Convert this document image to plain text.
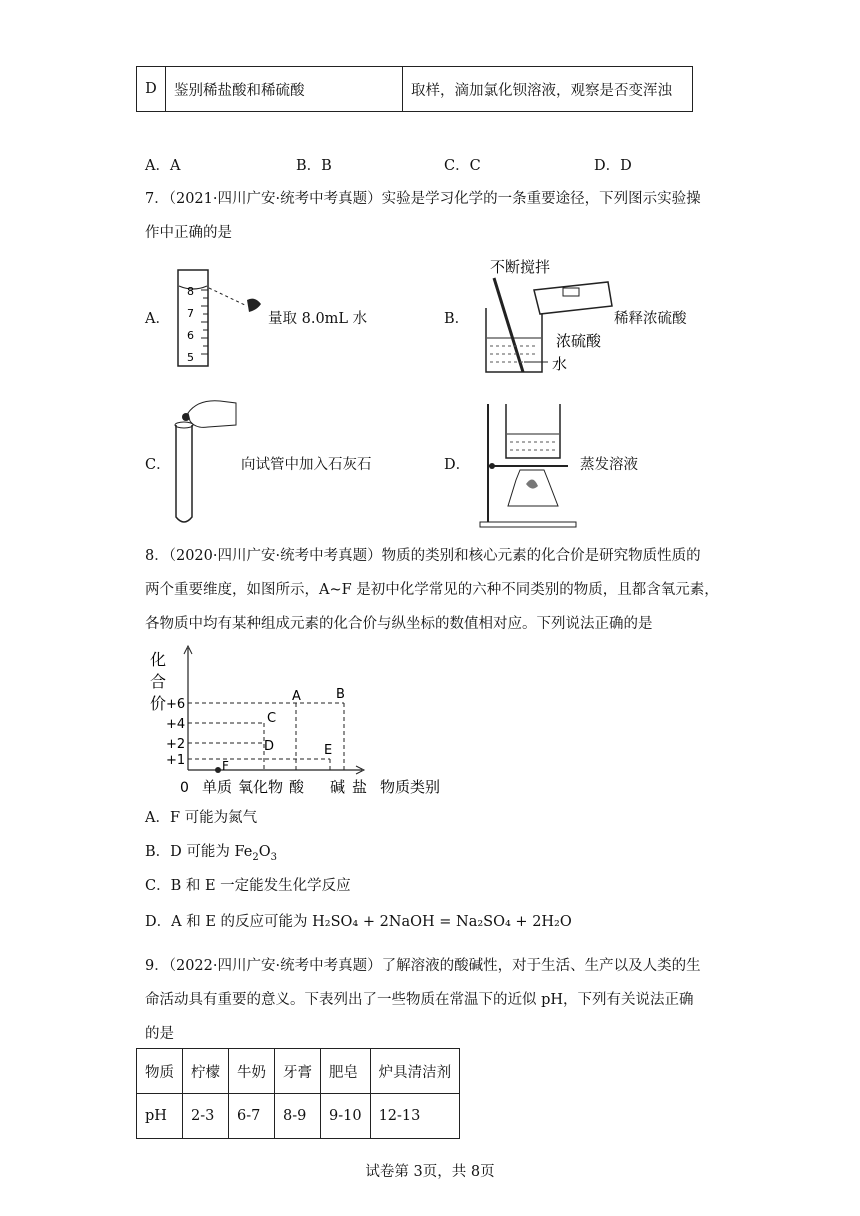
D	鉴别稀盐酸和稀硫酸	取样，滴加氯化钡溶液，观察是否变浑浊
A．A	B．B	C．C	D．D
7．（2021·四川广安·统考中考真题）实验是学习化学的一条重要途径，下列图示实验操
作中正确的是
A．
8
7
6
5
量取 8.0mL 水	B．
不断搅拌
浓硫酸
水
稀释浓硫酸
C．	向试管中加入石灰石	D．	蒸发溶液
8．（2020·四川广安·统考中考真题）物质的类别和核心元素的化合价是研究物质性质的
两个重要维度，如图所示，A~F 是初中化学常见的六种不同类别的物质，且都含氧元素，
各物质中均有某种组成元素的化合价与纵坐标的数值相对应。下列说法正确的是
化
合
价 +6
+4
+2
+1
A	B
C
D	E
F
0 单质 氧化物 酸 碱 盐 物质类别
A．F 可能为氮气
B．D 可能为 $Fe_2O_3$
C．B 和 E 一定能发生化学反应
D．A 和 E 的反应可能为 H₂SO₄ + 2NaOH = Na₂SO₄ + 2H₂O
9．（2022·四川广安·统考中考真题）了解溶液的酸碱性，对于生活、生产以及人类的生
命活动具有重要的意义。下表列出了一些物质在常温下的近似 pH，下列有关说法正确
的是
物质	柠檬	牛奶	牙膏	肥皂	炉具清洁剂
pH	2-3	6-7	8-9	9-10	12-13
试卷第 3页，共 8页
